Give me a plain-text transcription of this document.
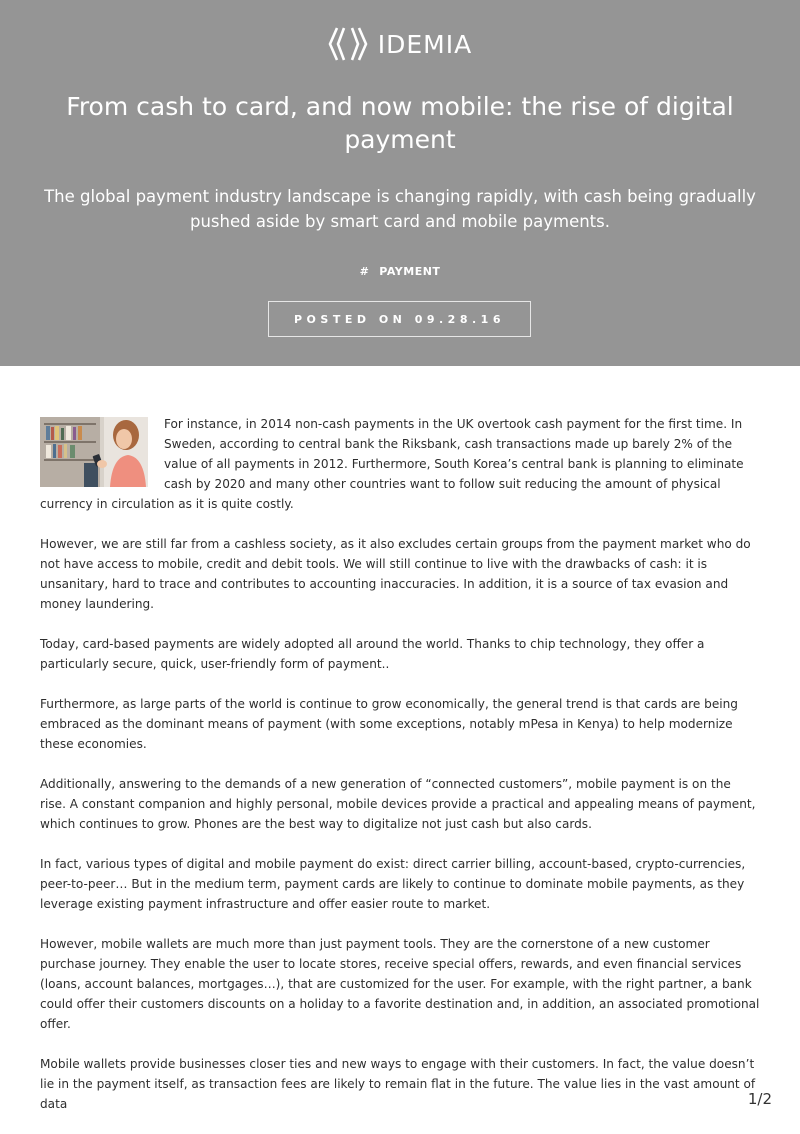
IDEMIA
From cash to card, and now mobile: the rise of digital payment

The global payment industry landscape is changing rapidly, with cash being gradually pushed aside by smart card and mobile payments.

# PAYMENT
POSTED ON 09.28.16

For instance, in 2014 non-cash payments in the UK overtook cash payment for the first time. In Sweden, according to central bank the Riksbank, cash transactions made up barely 2% of the value of all payments in 2012. Furthermore, South Korea’s central bank is planning to eliminate cash by 2020 and many other countries want to follow suit reducing the amount of physical currency in circulation as it is quite costly.

However, we are still far from a cashless society, as it also excludes certain groups from the payment market who do not have access to mobile, credit and debit tools. We will still continue to live with the drawbacks of cash: it is unsanitary, hard to trace and contributes to accounting inaccuracies. In addition, it is a source of tax evasion and money laundering.

Today, card-based payments are widely adopted all around the world. Thanks to chip technology, they offer a particularly secure, quick, user-friendly form of payment..

Furthermore, as large parts of the world is continue to grow economically, the general trend is that cards are being embraced as the dominant means of payment (with some exceptions, notably mPesa in Kenya) to help modernize these economies.

Additionally, answering to the demands of a new generation of “connected customers”, mobile payment is on the rise. A constant companion and highly personal, mobile devices provide a practical and appealing means of payment, which continues to grow. Phones are the best way to digitalize not just cash but also cards.

In fact, various types of digital and mobile payment do exist: direct carrier billing, account-based, crypto-currencies, peer-to-peer… But in the medium term, payment cards are likely to continue to dominate mobile payments, as they leverage existing payment infrastructure and offer easier route to market.

However, mobile wallets are much more than just payment tools. They are the cornerstone of a new customer purchase journey. They enable the user to locate stores, receive special offers, rewards, and even financial services (loans, account balances, mortgages…), that are customized for the user. For example, with the right partner, a bank could offer their customers discounts on a holiday to a favorite destination and, in addition, an associated promotional offer.

Mobile wallets provide businesses closer ties and new ways to engage with their customers. In fact, the value doesn’t lie in the payment itself, as transaction fees are likely to remain flat in the future. The value lies in the vast amount of data	1/2
